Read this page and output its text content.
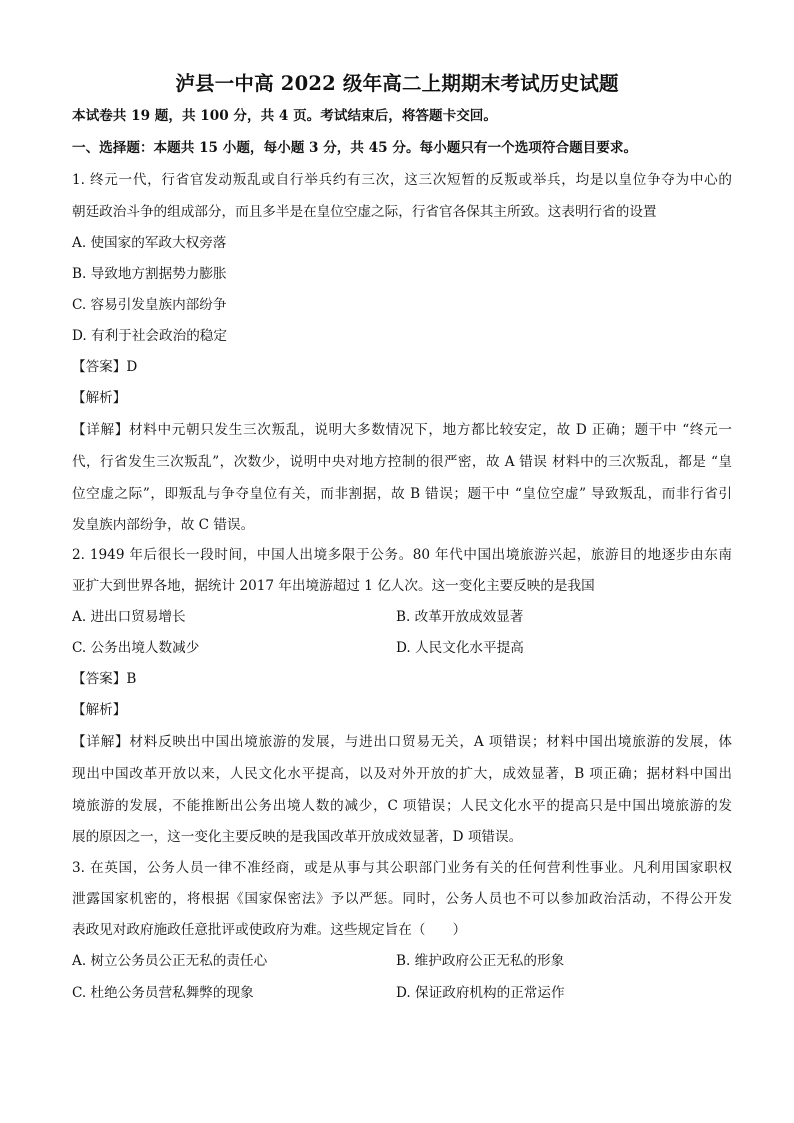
泸县一中高 2022 级年高二上期期末考试历史试题
本试卷共 19 题，共 100 分，共 4 页。考试结束后，将答题卡交回。
一、选择题：本题共 15 小题，每小题 3 分，共 45 分。每小题只有一个选项符合题目要求。
1. 终元一代，行省官发动叛乱或自行举兵约有三次，这三次短暂的反叛或举兵，均是以皇位争夺为中心的
朝廷政治斗争的组成部分，而且多半是在皇位空虚之际，行省官各保其主所致。这表明行省的设置
A. 使国家的军政大权旁落
B. 导致地方割据势力膨胀
C. 容易引发皇族内部纷争
D. 有利于社会政治的稳定
【答案】D
【解析】
【详解】材料中元朝只发生三次叛乱，说明大多数情况下，地方都比较安定，故 D 正确；题干中 “终元一
代，行省发生三次叛乱”，次数少，说明中央对地方控制的很严密，故 A 错误 材料中的三次叛乱，都是 “皇
位空虚之际”，即叛乱与争夺皇位有关，而非割据，故 B 错误；题干中 “皇位空虚” 导致叛乱，而非行省引
发皇族内部纷争，故 C 错误。
2. 1949 年后很长一段时间，中国人出境多限于公务。80 年代中国出境旅游兴起，旅游目的地逐步由东南
亚扩大到世界各地，据统计 2017 年出境游超过 1 亿人次。这一变化主要反映的是我国
A. 进出口贸易增长	B. 改革开放成效显著
C. 公务出境人数减少	D. 人民文化水平提高
【答案】B
【解析】
【详解】材料反映出中国出境旅游的发展，与进出口贸易无关，A 项错误；材料中国出境旅游的发展，体
现出中国改革开放以来，人民文化水平提高，以及对外开放的扩大，成效显著，B 项正确；据材料中国出
境旅游的发展，不能推断出公务出境人数的减少，C 项错误；人民文化水平的提高只是中国出境旅游的发
展的原因之一，这一变化主要反映的是我国改革开放成效显著，D 项错误。
3. 在英国，公务人员一律不准经商，或是从事与其公职部门业务有关的任何营利性事业。凡利用国家职权
泄露国家机密的，将根据《国家保密法》予以严惩。同时，公务人员也不可以参加政治活动，不得公开发
表政见对政府施政任意批评或使政府为难。这些规定旨在（　　）
A. 树立公务员公正无私的责任心	B. 维护政府公正无私的形象
C. 杜绝公务员营私舞弊的现象	D. 保证政府机构的正常运作
